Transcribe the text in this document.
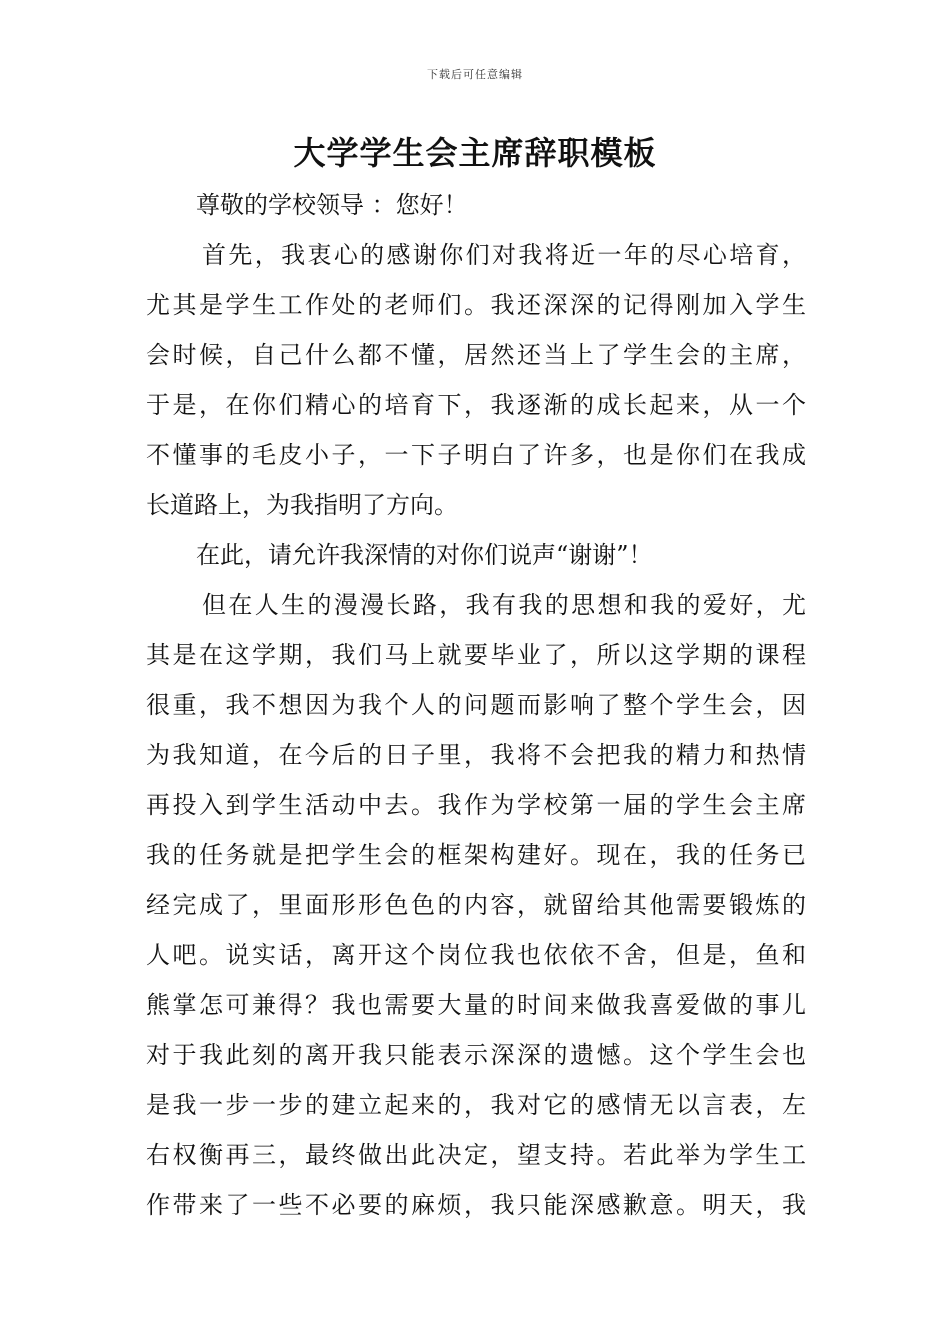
下载后可任意编辑
大学学生会主席辞职模板
尊敬的学校领导 ：您好！
首先，我衷心的感谢你们对我将近一年的尽心培育，
尤其是学生工作处的老师们。我还深深的记得刚加入学生
会时候，自己什么都不懂，居然还当上了学生会的主席，
于是，在你们精心的培育下，我逐渐的成长起来，从一个
不懂事的毛皮小子，一下子明白了许多，也是你们在我成
长道路上，为我指明了方向。
在此，请允许我深情的对你们说声“谢谢”！
但在人生的漫漫长路，我有我的思想和我的爱好，尤
其是在这学期，我们马上就要毕业了，所以这学期的课程
很重，我不想因为我个人的问题而影响了整个学生会，因
为我知道，在今后的日子里，我将不会把我的精力和热情
再投入到学生活动中去。我作为学校第一届的学生会主席
我的任务就是把学生会的框架构建好。现在，我的任务已
经完成了，里面形形色色的内容，就留给其他需要锻炼的
人吧。说实话，离开这个岗位我也依依不舍，但是，鱼和
熊掌怎可兼得？我也需要大量的时间来做我喜爱做的事儿
对于我此刻的离开我只能表示深深的遗憾。这个学生会也
是我一步一步的建立起来的，我对它的感情无以言表，左
右权衡再三，最终做出此决定，望支持。若此举为学生工
作带来了一些不必要的麻烦，我只能深感歉意。明天，我
